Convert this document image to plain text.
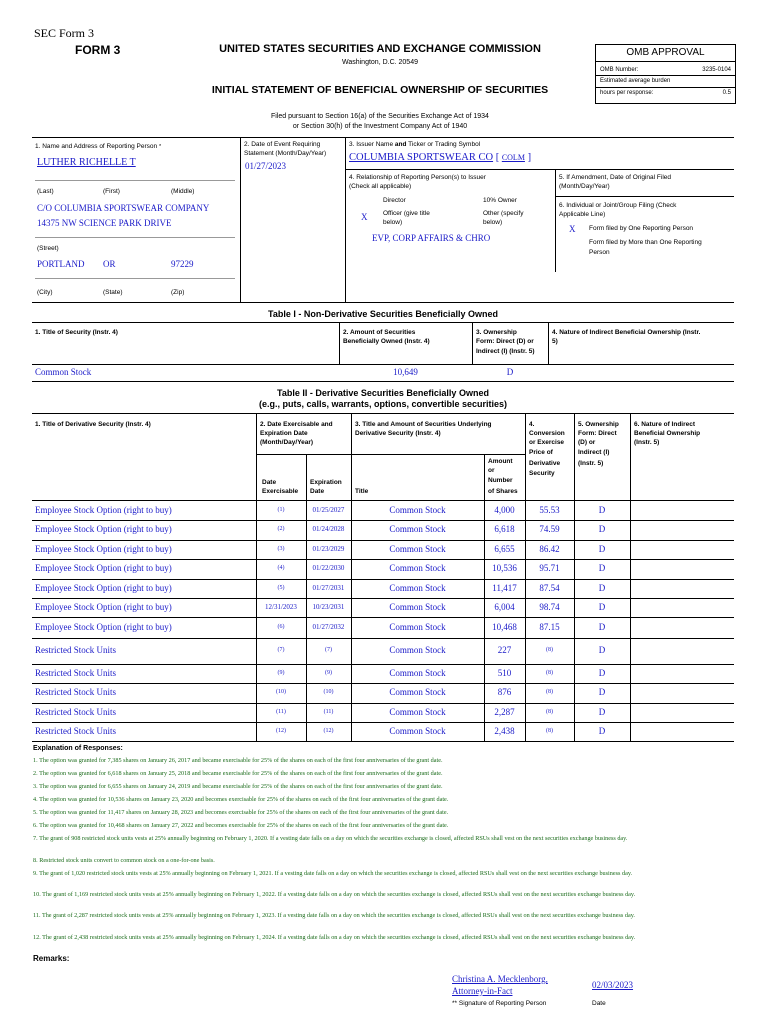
SEC Form 3
FORM 3	UNITED STATES SECURITIES AND EXCHANGE COMMISSION
Washington, D.C. 20549
INITIAL STATEMENT OF BENEFICIAL OWNERSHIP OF SECURITIES
Filed pursuant to Section 16(a) of the Securities Exchange Act of 1934
or Section 30(h) of the Investment Company Act of 1940
OMB APPROVAL
OMB Number:	3235-0104
Estimated average burden
hours per response:	0.5
1. Name and Address of Reporting Person *
LUTHER RICHELLE T
(Last)	(First)	(Middle)
C/O COLUMBIA SPORTSWEAR COMPANY
14375 NW SCIENCE PARK DRIVE
(Street)
PORTLAND OR	97229
(City)	(State)	(Zip)
2. Date of Event Requiring
Statement (Month/Day/Year)
01/27/2023
3. Issuer Name and Ticker or Trading Symbol
COLUMBIA SPORTSWEAR CO [ COLM ]
4. Relationship of Reporting Person(s) to Issuer
(Check all applicable)
Director	10% Owner
X Officer (give title
below)
Other (specify
below)
EVP, CORP AFFAIRS & CHRO
5. If Amendment, Date of Original Filed
(Month/Day/Year)
6. Individual or Joint/Group Filing (Check
Applicable Line)
X Form filed by One Reporting Person
Form filed by More than One Reporting
Person
Table I - Non-Derivative Securities Beneficially Owned
1. Title of Security (Instr. 4)	2. Amount of Securities
Beneficially Owned (Instr. 4)
3. Ownership
Form: Direct (D) or
Indirect (I) (Instr. 5)
4. Nature of Indirect Beneficial Ownership (Instr.
5)
Common Stock	10,649	D
Table II - Derivative Securities Beneficially Owned
(e.g., puts, calls, warrants, options, convertible securities)
1. Title of Derivative Security (Instr. 4)	2. Date Exercisable and
Expiration Date
(Month/Day/Year)
3. Title and Amount of Securities Underlying
Derivative Security (Instr. 4)
4.
Conversion
or Exercise
Price of
Derivative
Security
5. Ownership
Form: Direct
(D) or
Indirect (I)
(Instr. 5)
6. Nature of Indirect
Beneficial Ownership
(Instr. 5)
Date
Exercisable
Expiration
Date	Title
Amount
or
Number
of Shares
Employee Stock Option (right to buy)	(1)	01/25/2027	Common Stock	4,000	55.53	D
Employee Stock Option (right to buy)	(2)	01/24/2028	Common Stock	6,618	74.59	D
Employee Stock Option (right to buy)	(3)	01/23/2029	Common Stock	6,655	86.42	D
Employee Stock Option (right to buy)	(4)	01/22/2030	Common Stock	10,536	95.71	D
Employee Stock Option (right to buy)	(5)	01/27/2031	Common Stock	11,417	87.54	D
Employee Stock Option (right to buy)	12/31/2023	10/23/2031	Common Stock	6,004	98.74	D
Employee Stock Option (right to buy)	(6)	01/27/2032	Common Stock	10,468	87.15	D
Restricted Stock Units	(7)	(7)	Common Stock	227	(8)	D
Restricted Stock Units	(9)	(9)	Common Stock	510	(8)	D
Restricted Stock Units	(10)	(10)	Common Stock	876	(8)	D
Restricted Stock Units	(11)	(11)	Common Stock	2,287	(8)	D
Restricted Stock Units	(12)	(12)	Common Stock	2,438	(8)	D
Explanation of Responses:
1. The option was granted for 7,385 shares on January 26, 2017 and became exercisable for 25% of the shares on each of the first four anniversaries of the grant date.
2. The option was granted for 6,618 shares on January 25, 2018 and became exercisable for 25% of the shares on each of the first four anniversaries of the grant date.
3. The option was granted for 6,655 shares on January 24, 2019 and became exercisable for 25% of the shares on each of the first four anniversaries of the grant date.
4. The option was granted for 10,536 shares on January 23, 2020 and becomes exercisable for 25% of the shares on each of the first four anniversaries of the grant date.
5. The option was granted for 11,417 shares on January 28, 2023 and becomes exercisable for 25% of the shares on each of the first four anniversaries of the grant date.
6. The option was granted for 10,468 shares on January 27, 2022 and becomes exercisable for 25% of the shares on each of the first four anniversaries of the grant date.
7. The grant of 908 restricted stock units vests at 25% annually beginning on February 1, 2020. If a vesting date falls on a day on which the securities exchange is closed, affected RSUs shall vest on the next securities exchange business day.
8. Restricted stock units convert to common stock on a one-for-one basis.
9. The grant of 1,020 restricted stock units vests at 25% annually beginning on February 1, 2021. If a vesting date falls on a day on which the securities exchange is closed, affected RSUs shall vest on the next securities exchange business day.
10. The grant of 1,169 restricted stock units vests at 25% annually beginning on February 1, 2022. If a vesting date falls on a day on which the securities exchange is closed, affected RSUs shall vest on the next securities exchange business day.
11. The grant of 2,287 restricted stock units vests at 25% annually beginning on February 1, 2023. If a vesting date falls on a day on which the securities exchange is closed, affected RSUs shall vest on the next securities exchange business day.
12. The grant of 2,438 restricted stock units vests at 25% annually beginning on February 1, 2024. If a vesting date falls on a day on which the securities exchange is closed, affected RSUs shall vest on the next securities exchange business day.
Remarks:
Christina A. Mecklenborg,
Attorney-in-Fact
02/03/2023
** Signature of Reporting Person	Date
